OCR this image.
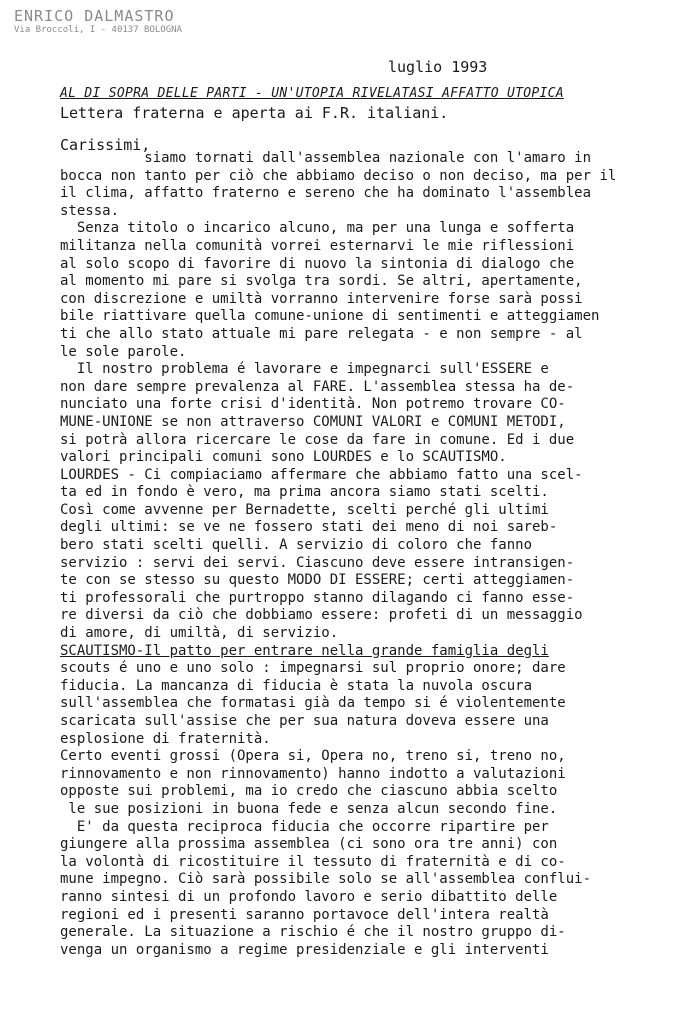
ENRICO DALMASTRO
Via Broccoli, I - 40137 BOLOGNA
luglio 1993
AL DI SOPRA DELLE PARTI - UN'UTOPIA RIVELATASI AFFATTO UTOPICA
Lettera fraterna e aperta ai F.R. italiani.
Carissimi,
siamo tornati dall'assemblea nazionale con l'amaro in
bocca non tanto per ciò che abbiamo deciso o non deciso, ma per il
il clima, affatto fraterno e sereno che ha dominato l'assemblea
stessa.
Senza titolo o incarico alcuno, ma per una lunga e sofferta
militanza nella comunità vorrei esternarvi le mie riflessioni
al solo scopo di favorire di nuovo la sintonia di dialogo che
al momento mi pare si svolga tra sordi. Se altri, apertamente,
con discrezione e umiltà vorranno intervenire forse sarà possi
bile riattivare quella comune-unione di sentimenti e atteggiamen
ti che allo stato attuale mi pare relegata - e non sempre - al
le sole parole.
Il nostro problema é lavorare e impegnarci sull'ESSERE e
non dare sempre prevalenza al FARE. L'assemblea stessa ha de-
nunciato una forte crisi d'identità. Non potremo trovare CO-
MUNE-UNIONE se non attraverso COMUNI VALORI e COMUNI METODI,
si potrà allora ricercare le cose da fare in comune. Ed i due
valori principali comuni sono LOURDES e lo SCAUTISMO.
LOURDES - Ci compiaciamo affermare che abbiamo fatto una scel-
ta ed in fondo è vero, ma prima ancora siamo stati scelti.
Così come avvenne per Bernadette, scelti perché gli ultimi
degli ultimi: se ve ne fossero stati dei meno di noi sareb-
bero stati scelti quelli. A servizio di coloro che fanno
servizio : servi dei servi. Ciascuno deve essere intransigen-
te con se stesso su questo MODO DI ESSERE; certi atteggiamen-
ti professorali che purtroppo stanno dilagando ci fanno esse-
re diversi da ciò che dobbiamo essere: profeti di un messaggio
di amore, di umiltà, di servizio.
SCAUTISMO-Il patto per entrare nella grande famiglia degli
scouts é uno e uno solo : impegnarsi sul proprio onore; dare
fiducia. La mancanza di fiducia è stata la nuvola oscura
sull'assemblea che formatasi già da tempo si é violentemente
scaricata sull'assise che per sua natura doveva essere una
esplosione di fraternità.
Certo eventi grossi (Opera si, Opera no, treno si, treno no,
rinnovamento e non rinnovamento) hanno indotto a valutazioni
opposte sui problemi, ma io credo che ciascuno abbia scelto
le sue posizioni in buona fede e senza alcun secondo fine.
E' da questa reciproca fiducia che occorre ripartire per
giungere alla prossima assemblea (ci sono ora tre anni) con
la volontà di ricostituire il tessuto di fraternità e di co-
mune impegno. Ciò sarà possibile solo se all'assemblea conflui-
ranno sintesi di un profondo lavoro e serio dibattito delle
regioni ed i presenti saranno portavoce dell'intera realtà
generale. La situazione a rischio é che il nostro gruppo di-
venga un organismo a regime presidenziale e gli interventi
